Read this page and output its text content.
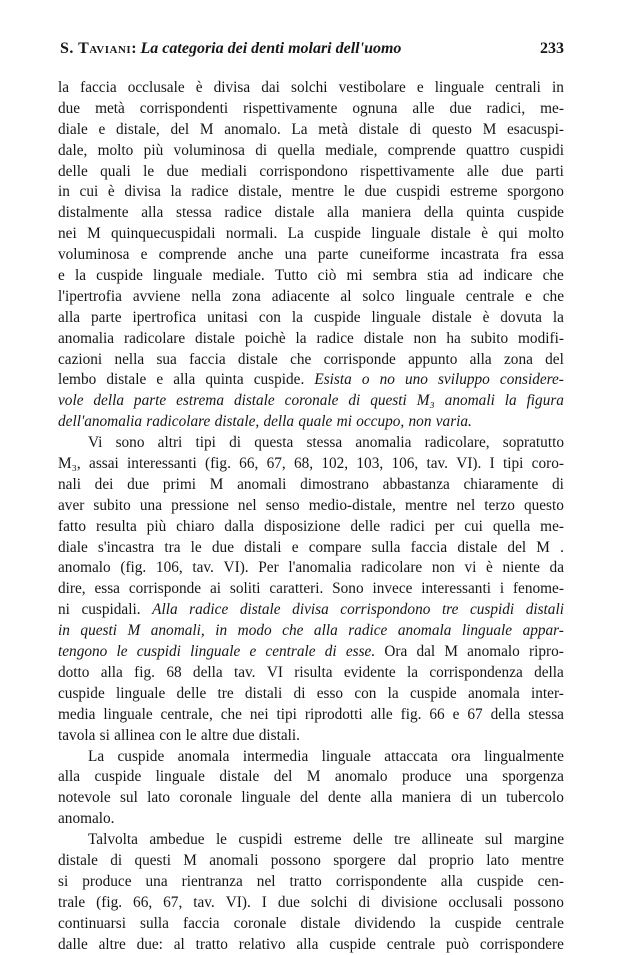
S. Taviani: La categoria dei denti molari dell'uomo	233
la faccia occlusale è divisa dai solchi vestibolare e linguale centrali in
due metà corrispondenti rispettivamente ognuna alle due radici, me-
diale e distale, del M anomalo. La metà distale di questo M esacuspi-
dale, molto più voluminosa di quella mediale, comprende quattro cuspidi
delle quali le due mediali corrispondono rispettivamente alle due parti
in cui è divisa la radice distale, mentre le due cuspidi estreme sporgono
distalmente alla stessa radice distale alla maniera della quinta cuspide
nei M quinquecuspidali normali. La cuspide linguale distale è qui molto
voluminosa e comprende anche una parte cuneiforme incastrata fra essa
e la cuspide linguale mediale. Tutto ciò mi sembra stia ad indicare che
l'ipertrofia avviene nella zona adiacente al solco linguale centrale e che
alla parte ipertrofica unitasi con la cuspide linguale distale è dovuta la
anomalia radicolare distale poichè la radice distale non ha subito modifi-
cazioni nella sua faccia distale che corrisponde appunto alla zona del
lembo distale e alla quinta cuspide. Esista o no uno sviluppo considere-
vole della parte estrema distale coronale di questi M₃ anomali la figura
dell'anomalia radicolare distale, della quale mi occupo, non varia.
Vi sono altri tipi di questa stessa anomalia radicolare, sopratutto
M₃, assai interessanti (fig. 66, 67, 68, 102, 103, 106, tav. VI). I tipi coro-
nali dei due primi M anomali dimostrano abbastanza chiaramente di
aver subito una pressione nel senso medio-distale, mentre nel terzo questo
fatto resulta più chiaro dalla disposizione delle radici per cui quella me-
diale s'incastra tra le due distali e compare sulla faccia distale del M .
anomalo (fig. 106, tav. VI). Per l'anomalia radicolare non vi è niente da
dire, essa corrisponde ai soliti caratteri. Sono invece interessanti i fenome-
ni cuspidali. Alla radice distale divisa corrispondono tre cuspidi distali
in questi M anomali, in modo che alla radice anomala linguale appar-
tengono le cuspidi linguale e centrale di esse. Ora dal M anomalo ripro-
dotto alla fig. 68 della tav. VI risulta evidente la corrispondenza della
cuspide linguale delle tre distali di esso con la cuspide anomala inter-
media linguale centrale, che nei tipi riprodotti alle fig. 66 e 67 della stessa
tavola si allinea con le altre due distali.
La cuspide anomala intermedia linguale attaccata ora lingualmente
alla cuspide linguale distale del M anomalo produce una sporgenza
notevole sul lato coronale linguale del dente alla maniera di un tubercolo
anomalo.
Talvolta ambedue le cuspidi estreme delle tre allineate sul margine
distale di questi M anomali possono sporgere dal proprio lato mentre
si produce una rientranza nel tratto corrispondente alla cuspide cen-
trale (fig. 66, 67, tav. VI). I due solchi di divisione occlusali possono
continuarsi sulla faccia coronale distale dividendo la cuspide centrale
dalle altre due: al tratto relativo alla cuspide centrale può corrispondere
